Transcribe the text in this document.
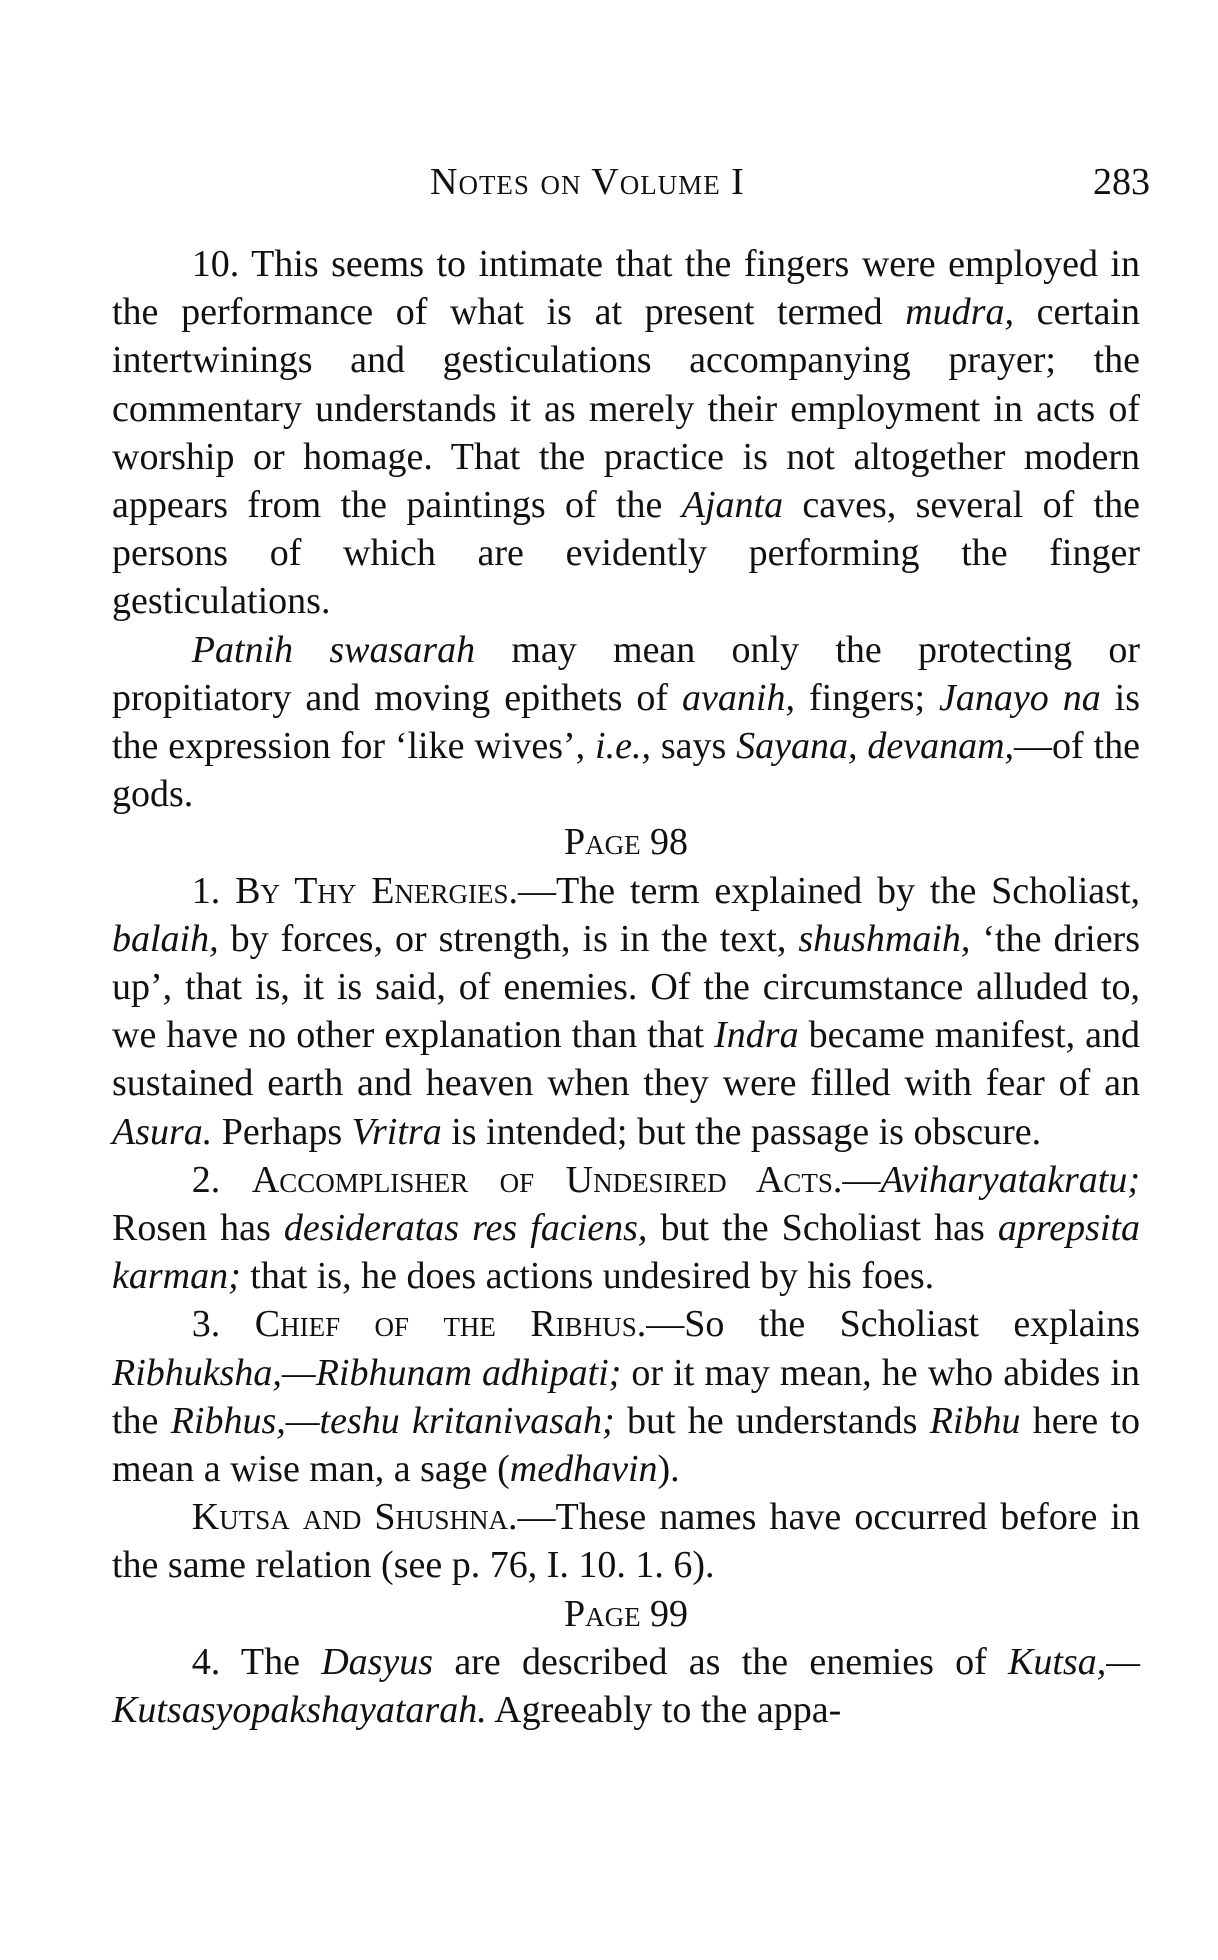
Notes on Volume I	283

10. This seems to intimate that the fingers were employed in the performance of what is at present termed mudra, certain intertwinings and gesticulations accompanying prayer; the commentary understands it as merely their employment in acts of worship or homage. That the practice is not altogether modern appears from the paintings of the Ajanta caves, several of the persons of which are evidently performing the finger gesticulations.

Patnih swasarah may mean only the protecting or propitiatory and moving epithets of avanih, fingers; Janayo na is the expression for ‘like wives’, i.e., says Sayana, devanam,—of the gods.

Page 98

1. By Thy Energies.—The term explained by the Scholiast, balaih, by forces, or strength, is in the text, shushmaih, ‘the driers up’, that is, it is said, of enemies. Of the circumstance alluded to, we have no other explanation than that Indra became manifest, and sustained earth and heaven when they were filled with fear of an Asura. Perhaps Vritra is intended; but the passage is obscure.

2. Accomplisher of Undesired Acts.—Aviharyatakratu; Rosen has desideratas res faciens, but the Scholiast has aprepsita karman; that is, he does actions undesired by his foes.

3. Chief of the Ribhus.—So the Scholiast explains Ribhuksha,—Ribhunam adhipati; or it may mean, he who abides in the Ribhus,—teshu kritanivasah; but he understands Ribhu here to mean a wise man, a sage (medhavin).

Kutsa and Shushna.—These names have occurred before in the same relation (see p. 76, I. 10. 1. 6).

Page 99

4. The Dasyus are described as the enemies of Kutsa,—Kutsasyopakshayatarah. Agreeably to the appa-
